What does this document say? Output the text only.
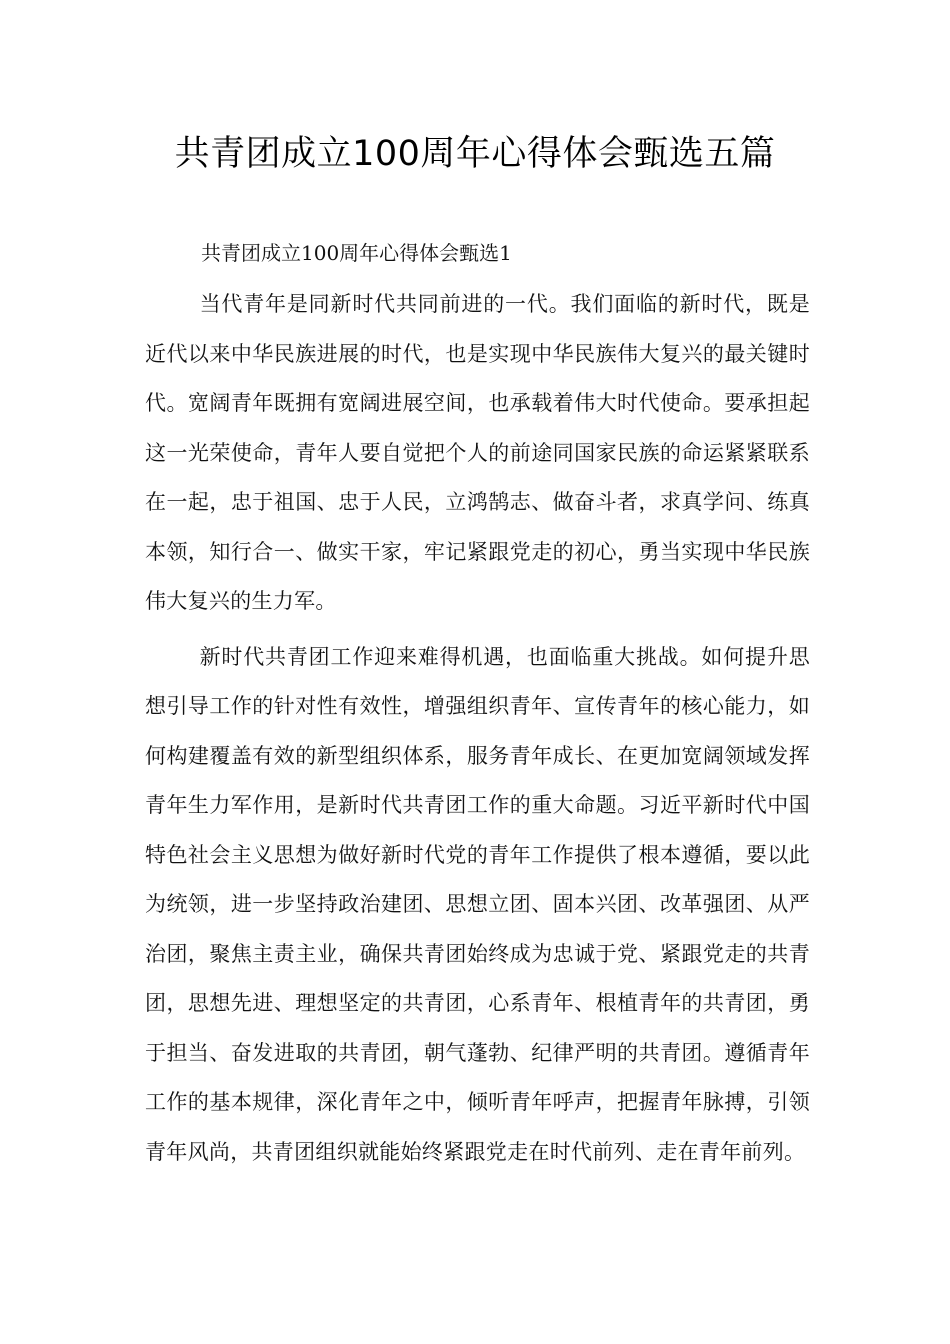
共青团成立100周年心得体会甄选五篇

共青团成立100周年心得体会甄选1

当代青年是同新时代共同前进的一代。我们面临的新时代，既是近代以来中华民族进展的时代，也是实现中华民族伟大复兴的最关键时代。宽阔青年既拥有宽阔进展空间，也承载着伟大时代使命。要承担起这一光荣使命，青年人要自觉把个人的前途同国家民族的命运紧紧联系在一起，忠于祖国、忠于人民，立鸿鹄志、做奋斗者，求真学问、练真本领，知行合一、做实干家，牢记紧跟党走的初心，勇当实现中华民族伟大复兴的生力军。

新时代共青团工作迎来难得机遇，也面临重大挑战。如何提升思想引导工作的针对性有效性，增强组织青年、宣传青年的核心能力，如何构建覆盖有效的新型组织体系，服务青年成长、在更加宽阔领域发挥青年生力军作用，是新时代共青团工作的重大命题。习近平新时代中国特色社会主义思想为做好新时代党的青年工作提供了根本遵循，要以此为统领，进一步坚持政治建团、思想立团、固本兴团、改革强团、从严治团，聚焦主责主业，确保共青团始终成为忠诚于党、紧跟党走的共青团，思想先进、理想坚定的共青团，心系青年、根植青年的共青团，勇于担当、奋发进取的共青团，朝气蓬勃、纪律严明的共青团。遵循青年工作的基本规律，深化青年之中，倾听青年呼声，把握青年脉搏，引领青年风尚，共青团组织就能始终紧跟党走在时代前列、走在青年前列。
